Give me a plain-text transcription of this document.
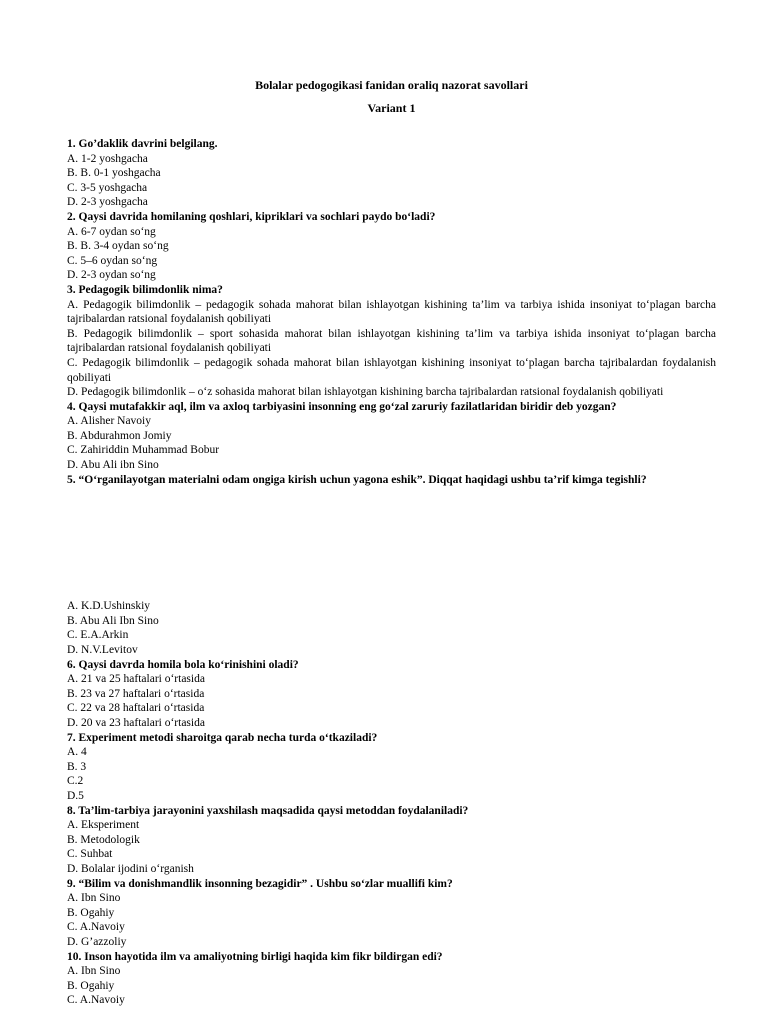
Bolalar pedogogikasi fanidan oraliq nazorat savollari
Variant 1
1. Go’daklik davrini belgilang.
A. 1-2 yoshgacha
B. B. 0-1 yoshgacha
C. 3-5 yoshgacha
D. 2-3 yoshgacha
2. Qaysi davrida homilaning qoshlari, kipriklari va sochlari paydo bo‘ladi?
A. 6-7 oydan so‘ng
B. B. 3-4 oydan so‘ng
C. 5–6 oydan so‘ng
D. 2-3 oydan so‘ng
3. Pedagogik bilimdonlik nima?
A. Pedagogik bilimdonlik – pedagogik sohada mahorat bilan ishlayotgan kishining ta’lim va tarbiya ishida insoniyat to‘plagan barcha tajribalardan ratsional foydalanish qobiliyati
B. Pedagogik bilimdonlik – sport sohasida mahorat bilan ishlayotgan kishining ta’lim va tarbiya ishida insoniyat to‘plagan barcha tajribalardan ratsional foydalanish qobiliyati
C. Pedagogik bilimdonlik – pedagogik sohada mahorat bilan ishlayotgan kishining insoniyat to‘plagan barcha tajribalardan foydalanish qobiliyati
D. Pedagogik bilimdonlik – o‘z sohasida mahorat bilan ishlayotgan kishining barcha tajribalardan ratsional foydalanish qobiliyati
4. Qaysi mutafakkir aql, ilm va axloq tarbiyasini insonning eng go‘zal zaruriy fazilatlaridan biridir deb yozgan?
A. Alisher Navoiy
B. Abdurahmon Jomiy
C. Zahiriddin Muhammad Bobur
D. Abu Ali ibn Sino
5. “O‘rganilayotgan materialni odam ongiga kirish uchun yagona eshik”. Diqqat haqidagi ushbu ta’rif kimga tegishli?
A. K.D.Ushinskiy
B. Abu Ali Ibn Sino
C. E.A.Arkin
D. N.V.Levitov
6. Qaysi davrda homila bola ko‘rinishini oladi?
A. 21 va 25 haftalari o‘rtasida
B. 23 va 27 haftalari o‘rtasida
C. 22 va 28 haftalari o‘rtasida
D. 20 va 23 haftalari o‘rtasida
7. Experiment metodi sharoitga qarab necha turda o‘tkaziladi?
A. 4
B. 3
C.2
D.5
8. Ta’lim-tarbiya jarayonini yaxshilash maqsadida qaysi metoddan foydalaniladi?
A. Eksperiment
B. Metodologik
C. Suhbat
D. Bolalar ijodini o‘rganish
9. “Bilim va donishmandlik insonning bezagidir” . Ushbu so‘zlar muallifi kim?
A. Ibn Sino
B. Ogahiy
C. A.Navoiy
D. G’azzoliy
10. Inson hayotida ilm va amaliyotning birligi haqida kim fikr bildirgan edi?
A. Ibn Sino
B. Ogahiy
C. A.Navoiy
